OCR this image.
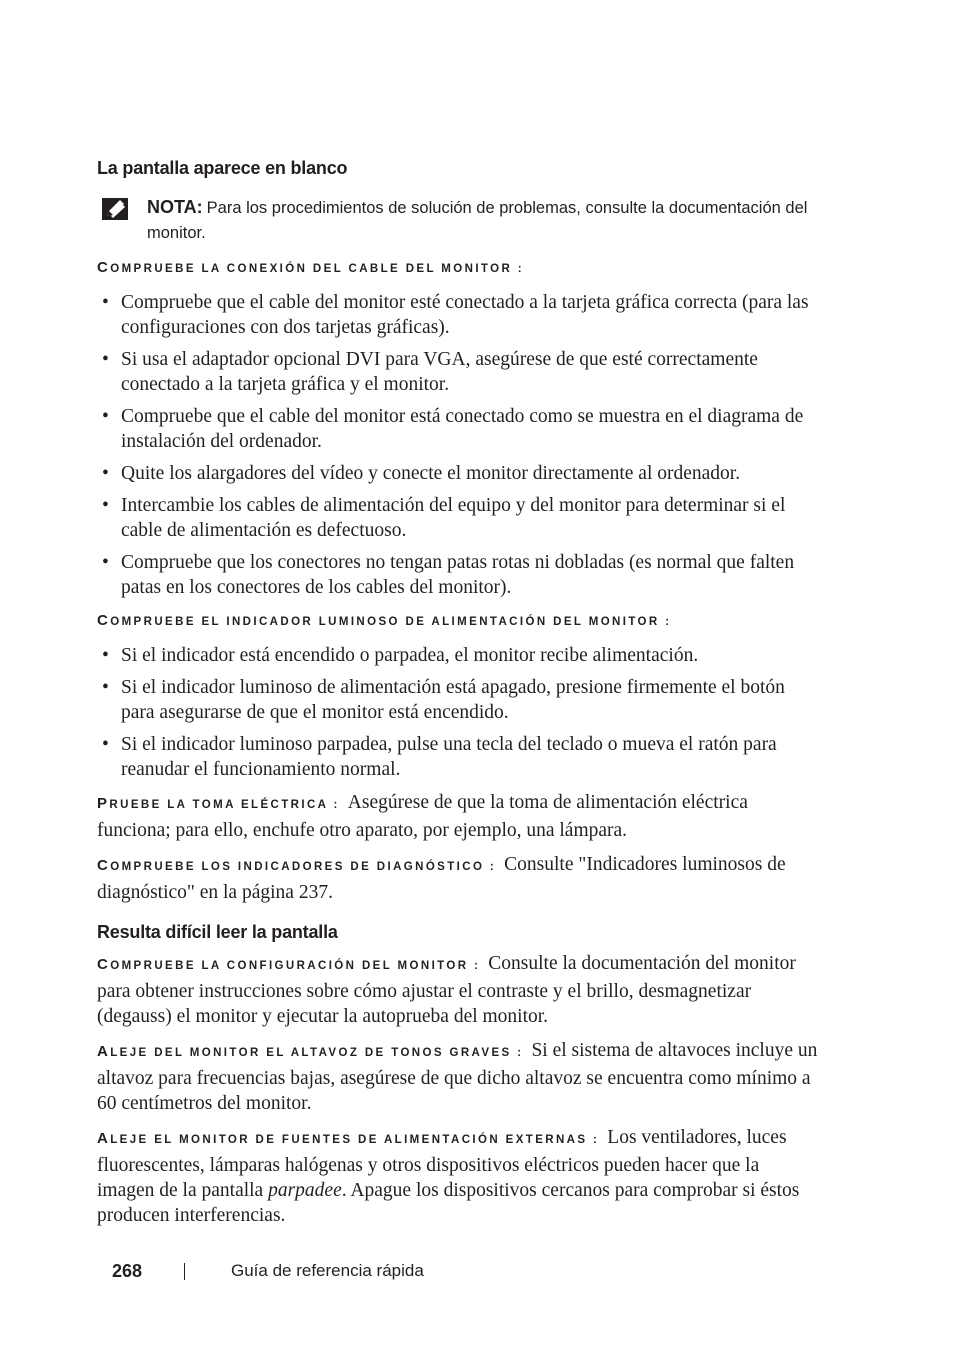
La pantalla aparece en blanco
NOTA: Para los procedimientos de solución de problemas, consulte la documentación del monitor.
COMPRUEBE LA CONEXIÓN DEL CABLE DEL MONITOR :
• Compruebe que el cable del monitor esté conectado a la tarjeta gráfica correcta (para las configuraciones con dos tarjetas gráficas).
• Si usa el adaptador opcional DVI para VGA, asegúrese de que esté correctamente conectado a la tarjeta gráfica y el monitor.
• Compruebe que el cable del monitor está conectado como se muestra en el diagrama de instalación del ordenador.
• Quite los alargadores del vídeo y conecte el monitor directamente al ordenador.
• Intercambie los cables de alimentación del equipo y del monitor para determinar si el cable de alimentación es defectuoso.
• Compruebe que los conectores no tengan patas rotas ni dobladas (es normal que falten patas en los conectores de los cables del monitor).
COMPRUEBE EL INDICADOR LUMINOSO DE ALIMENTACIÓN DEL MONITOR :
• Si el indicador está encendido o parpadea, el monitor recibe alimentación.
• Si el indicador luminoso de alimentación está apagado, presione firmemente el botón para asegurarse de que el monitor está encendido.
• Si el indicador luminoso parpadea, pulse una tecla del teclado o mueva el ratón para reanudar el funcionamiento normal.

PRUEBE LA TOMA ELÉCTRICA : Asegúrese de que la toma de alimentación eléctrica funciona; para ello, enchufe otro aparato, por ejemplo, una lámpara.

COMPRUEBE LOS INDICADORES DE DIAGNÓSTICO : Consulte "Indicadores luminosos de diagnóstico" en la página 237.

Resulta difícil leer la pantalla

COMPRUEBE LA CONFIGURACIÓN DEL MONITOR : Consulte la documentación del monitor para obtener instrucciones sobre cómo ajustar el contraste y el brillo, desmagnetizar (degauss) el monitor y ejecutar la autoprueba del monitor.

ALEJE DEL MONITOR EL ALTAVOZ DE TONOS GRAVES : Si el sistema de altavoces incluye un altavoz para frecuencias bajas, asegúrese de que dicho altavoz se encuentra como mínimo a 60 centímetros del monitor.

ALEJE EL MONITOR DE FUENTES DE ALIMENTACIÓN EXTERNAS : Los ventiladores, luces fluorescentes, lámparas halógenas y otros dispositivos eléctricos pueden hacer que la imagen de la pantalla parpadee. Apague los dispositivos cercanos para comprobar si éstos producen interferencias.

268	Guía de referencia rápida
